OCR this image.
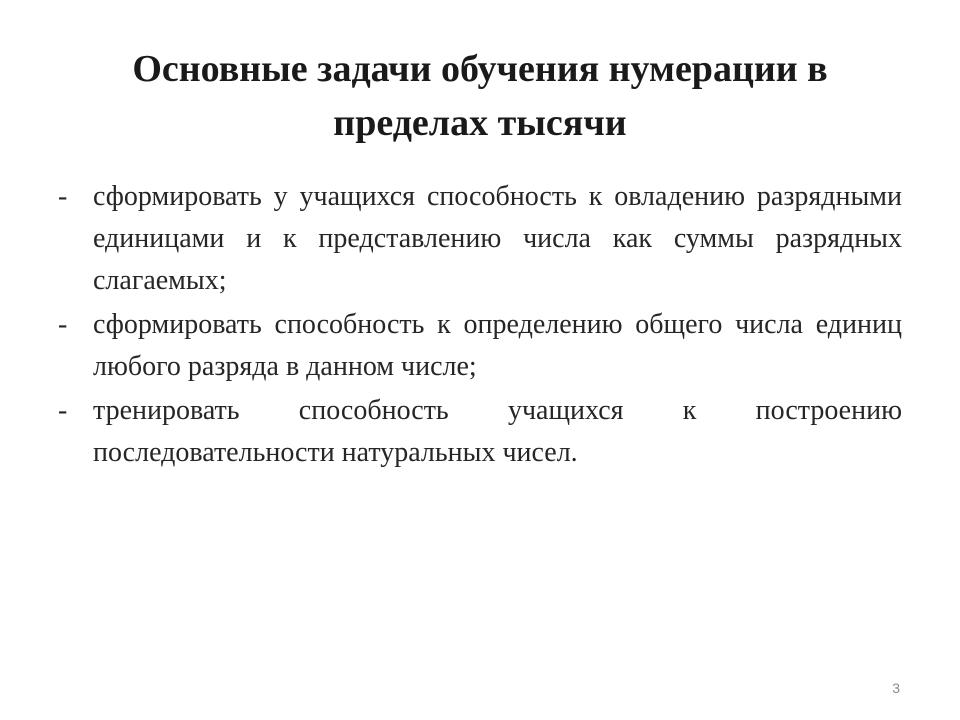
Основные задачи обучения нумерации в пределах тысячи
- сформировать у учащихся способность к овладению разрядными единицами и к представлению числа как суммы разрядных слагаемых;
- сформировать способность к определению общего числа единиц любого разряда в данном числе;
- тренировать способность учащихся к построению последовательности натуральных чисел.
3
